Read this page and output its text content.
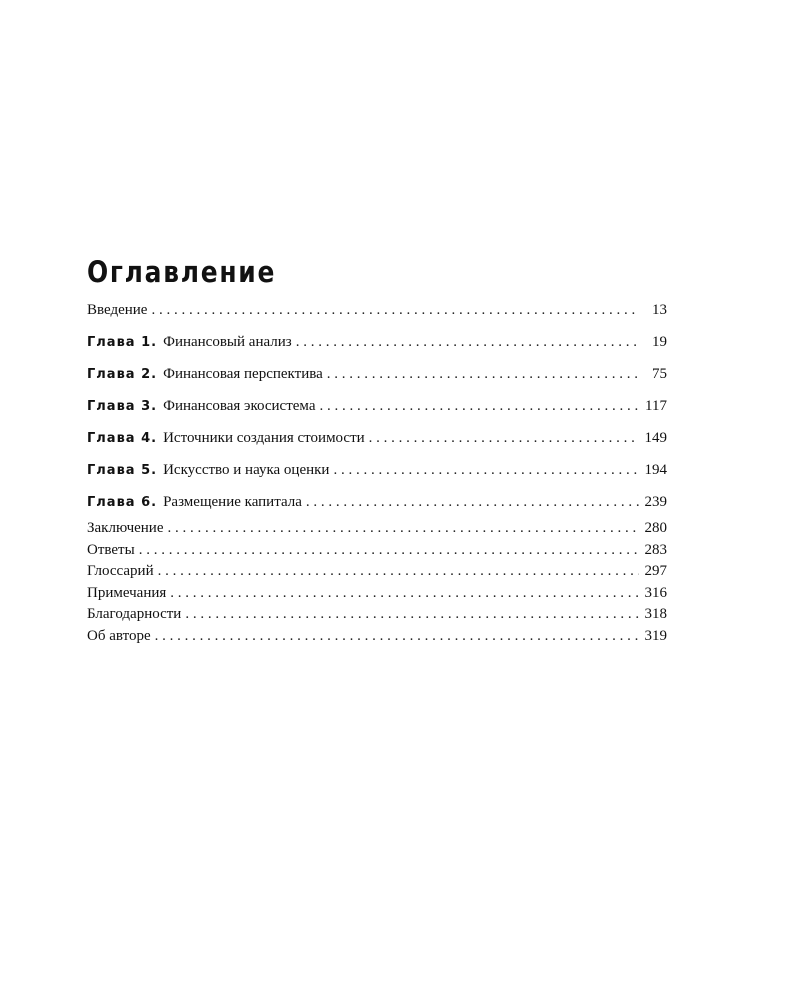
Оглавление
Введение . . .	13
Глава 1. Финансовый анализ . . .	19
Глава 2. Финансовая перспектива . . .	75
Глава 3. Финансовая экосистема . . .	117
Глава 4. Источники создания стоимости . . .	149
Глава 5. Искусство и наука оценки . . .	194
Глава 6. Размещение капитала . . .	239
Заключение . . .	280
Ответы . . .	283
Глоссарий . . .	297
Примечания . . .	316
Благодарности . . .	318
Об авторе . . .	319
